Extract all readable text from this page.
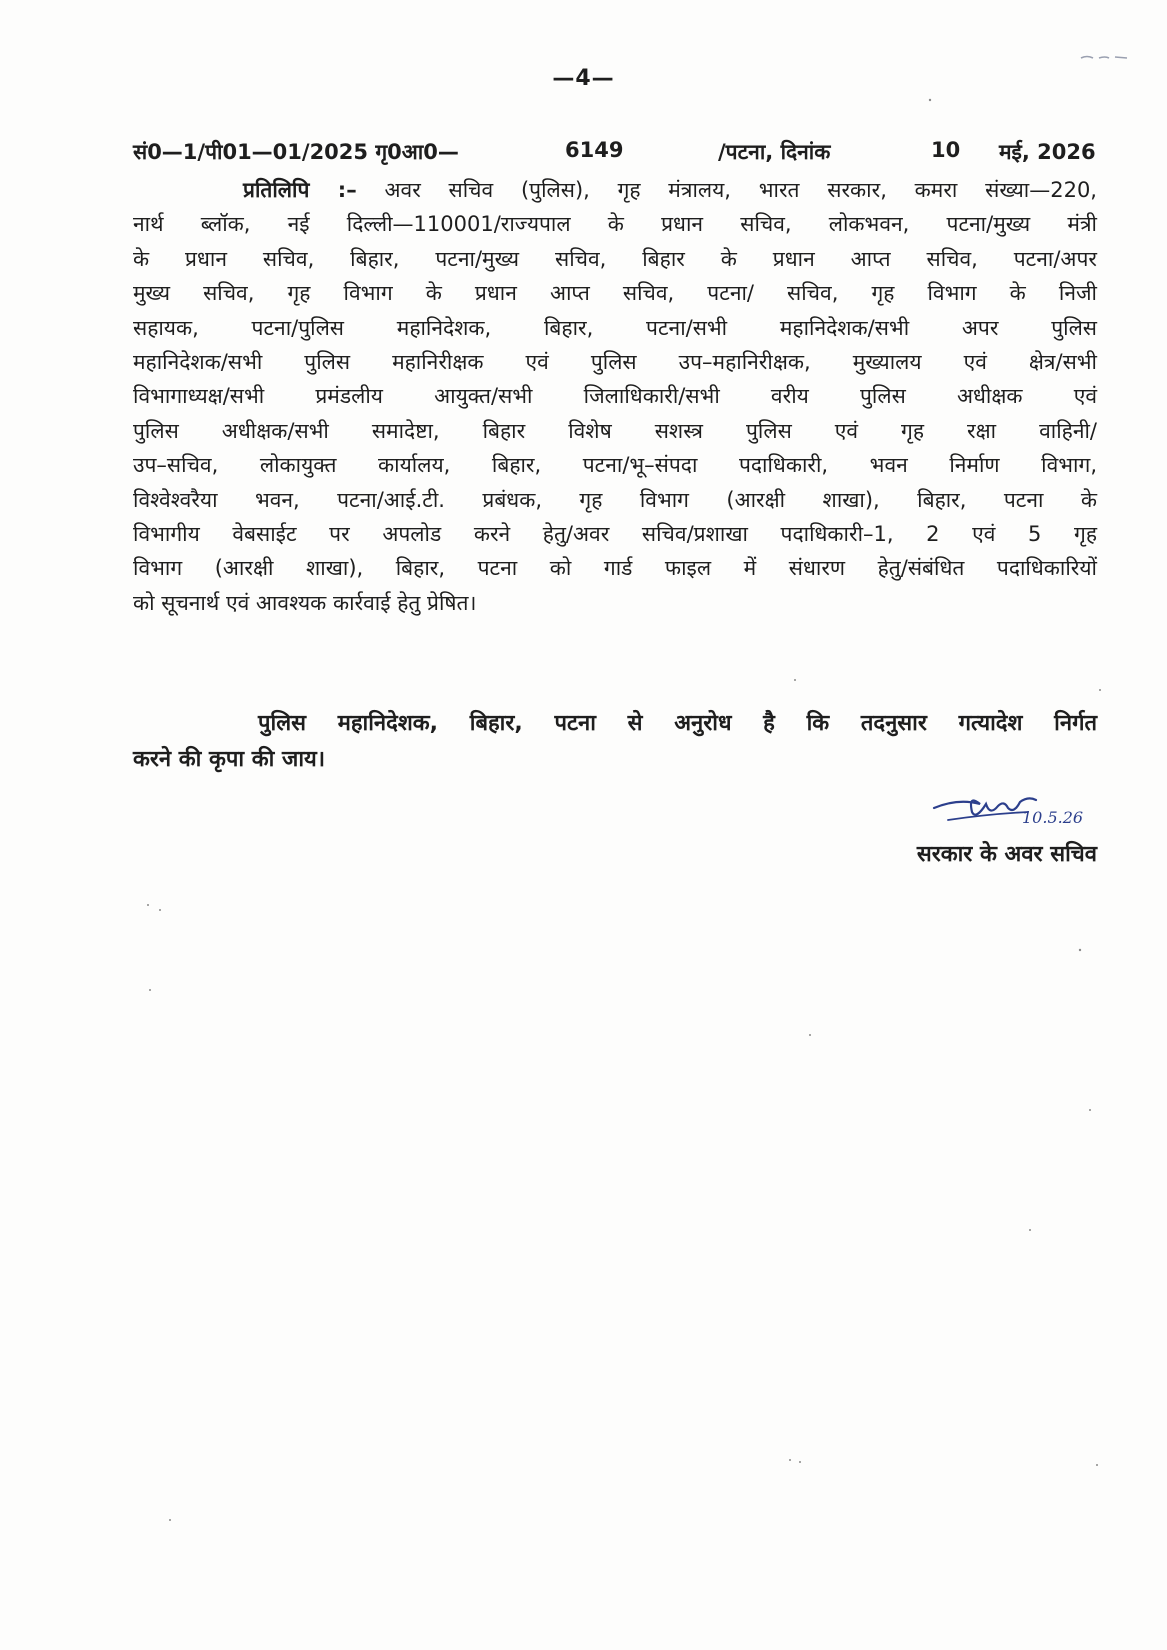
—4—
सं0—1/पी01—01/2025 गृ0आ0—	6149	/पटना, दिनांक	10 मई, 2026
प्रतिलिपि :– अवर सचिव (पुलिस), गृह मंत्रालय, भारत सरकार, कमरा संख्या—220,
नार्थ ब्लॉक, नई दिल्ली—110001/राज्यपाल के प्रधान सचिव, लोकभवन, पटना/मुख्य मंत्री
के प्रधान सचिव, बिहार, पटना/मुख्य सचिव, बिहार के प्रधान आप्त सचिव, पटना/अपर
मुख्य सचिव, गृह विभाग के प्रधान आप्त सचिव, पटना/ सचिव, गृह विभाग के निजी
सहायक, पटना/पुलिस महानिदेशक, बिहार, पटना/सभी महानिदेशक/सभी अपर पुलिस
महानिदेशक/सभी पुलिस महानिरीक्षक एवं पुलिस उप–महानिरीक्षक, मुख्यालय एवं क्षेत्र/सभी
विभागाध्यक्ष/सभी प्रमंडलीय आयुक्त/सभी जिलाधिकारी/सभी वरीय पुलिस अधीक्षक एवं
पुलिस अधीक्षक/सभी समादेष्टा, बिहार विशेष सशस्त्र पुलिस एवं गृह रक्षा वाहिनी/
उप–सचिव, लोकायुक्त कार्यालय, बिहार, पटना/भू–संपदा पदाधिकारी, भवन निर्माण विभाग,
विश्वेश्वरैया भवन, पटना/आई.टी. प्रबंधक, गृह विभाग (आरक्षी शाखा), बिहार, पटना के
विभागीय वेबसाईट पर अपलोड करने हेतु/अवर सचिव/प्रशाखा पदाधिकारी–1, 2 एवं 5 गृह
विभाग (आरक्षी शाखा), बिहार, पटना को गार्ड फाइल में संधारण हेतु/संबंधित पदाधिकारियों
को सूचनार्थ एवं आवश्यक कार्रवाई हेतु प्रेषित।
पुलिस महानिदेशक, बिहार, पटना से अनुरोध है कि तदनुसार गत्यादेश निर्गत
करने की कृपा की जाय।
10.5.26
सरकार के अवर सचिव
